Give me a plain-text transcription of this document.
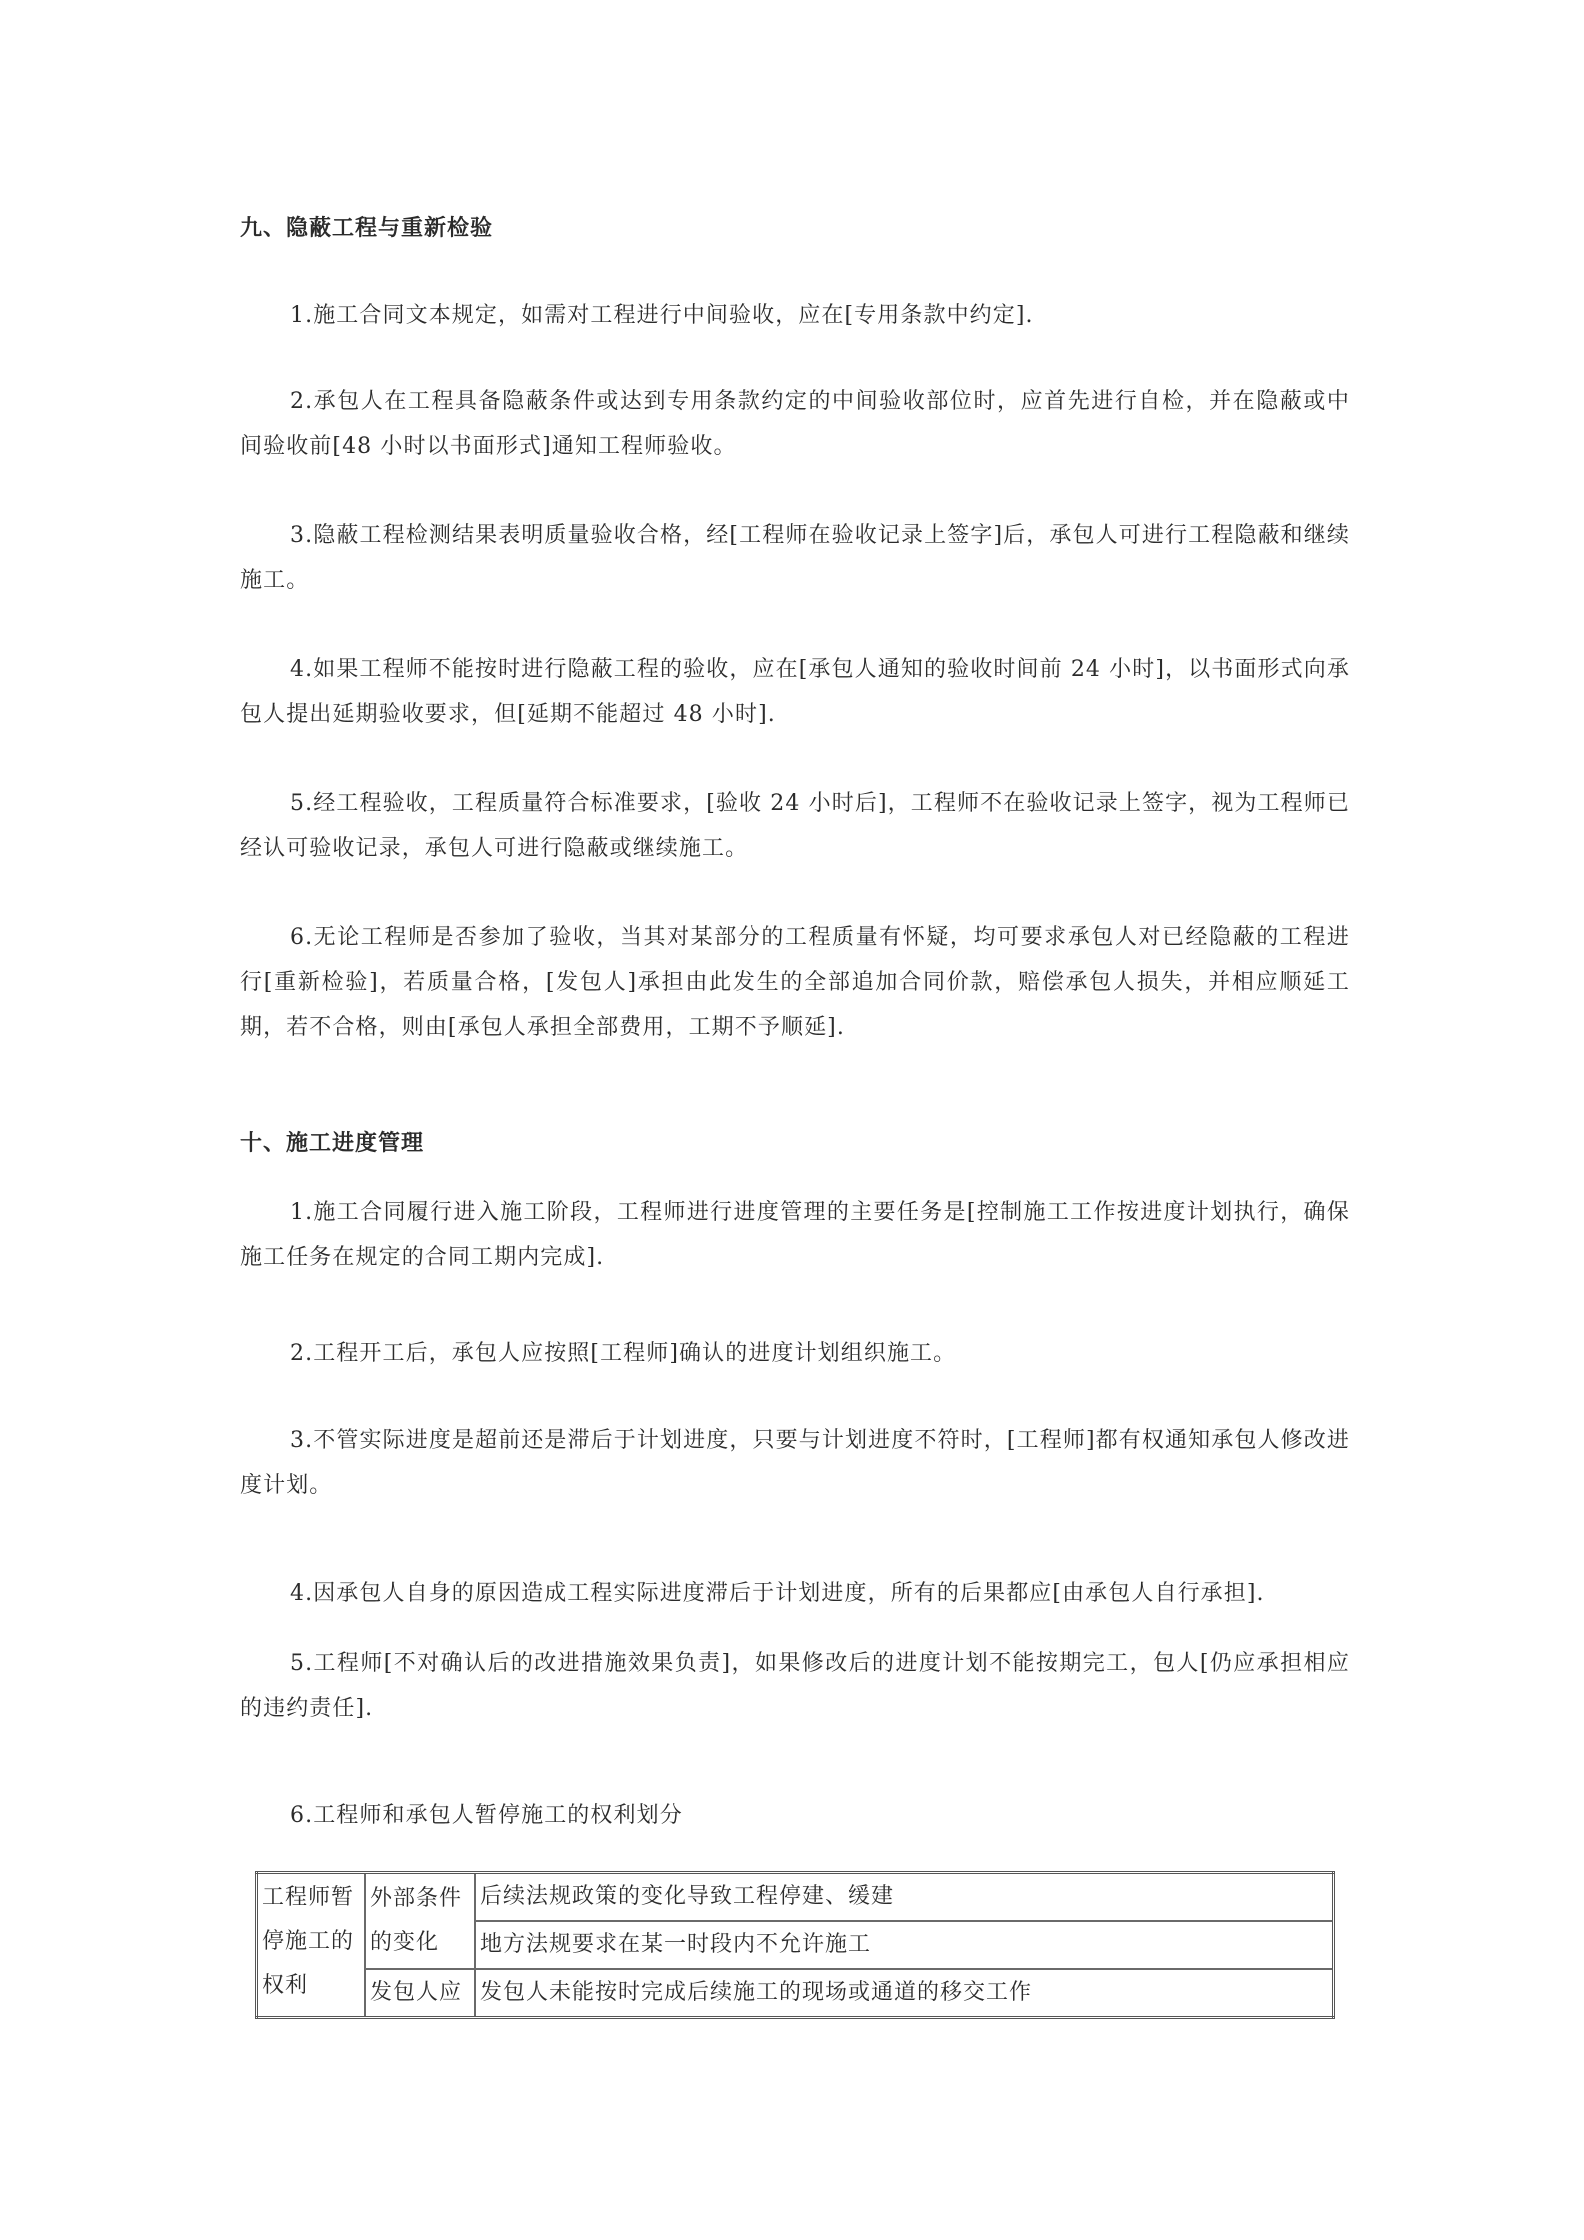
九、隐蔽工程与重新检验
1.施工合同文本规定，如需对工程进行中间验收，应在[专用条款中约定].
2.承包人在工程具备隐蔽条件或达到专用条款约定的中间验收部位时，应首先进行自检，并在隐蔽或中间验收前[48 小时以书面形式]通知工程师验收。
3.隐蔽工程检测结果表明质量验收合格，经[工程师在验收记录上签字]后，承包人可进行工程隐蔽和继续施工。
4.如果工程师不能按时进行隐蔽工程的验收，应在[承包人通知的验收时间前 24 小时]，以书面形式向承包人提出延期验收要求，但[延期不能超过 48 小时].
5.经工程验收，工程质量符合标准要求，[验收 24 小时后]，工程师不在验收记录上签字，视为工程师已经认可验收记录，承包人可进行隐蔽或继续施工。
6.无论工程师是否参加了验收，当其对某部分的工程质量有怀疑，均可要求承包人对已经隐蔽的工程进行[重新检验]，若质量合格，[发包人]承担由此发生的全部追加合同价款，赔偿承包人损失，并相应顺延工期，若不合格，则由[承包人承担全部费用，工期不予顺延].
十、施工进度管理
1.施工合同履行进入施工阶段，工程师进行进度管理的主要任务是[控制施工工作按进度计划执行，确保施工任务在规定的合同工期内完成].
2.工程开工后，承包人应按照[工程师]确认的进度计划组织施工。
3.不管实际进度是超前还是滞后于计划进度，只要与计划进度不符时，[工程师]都有权通知承包人修改进度计划。
4.因承包人自身的原因造成工程实际进度滞后于计划进度，所有的后果都应[由承包人自行承担].
5.工程师[不对确认后的改进措施效果负责]，如果修改后的进度计划不能按期完工，包人[仍应承担相应的违约责任].
6.工程师和承包人暂停施工的权利划分
工程师暂停施工的权利	外部条件的变化	后续法规政策的变化导致工程停建、缓建
		地方法规要求在某一时段内不允许施工
	发包人应	发包人未能按时完成后续施工的现场或通道的移交工作
